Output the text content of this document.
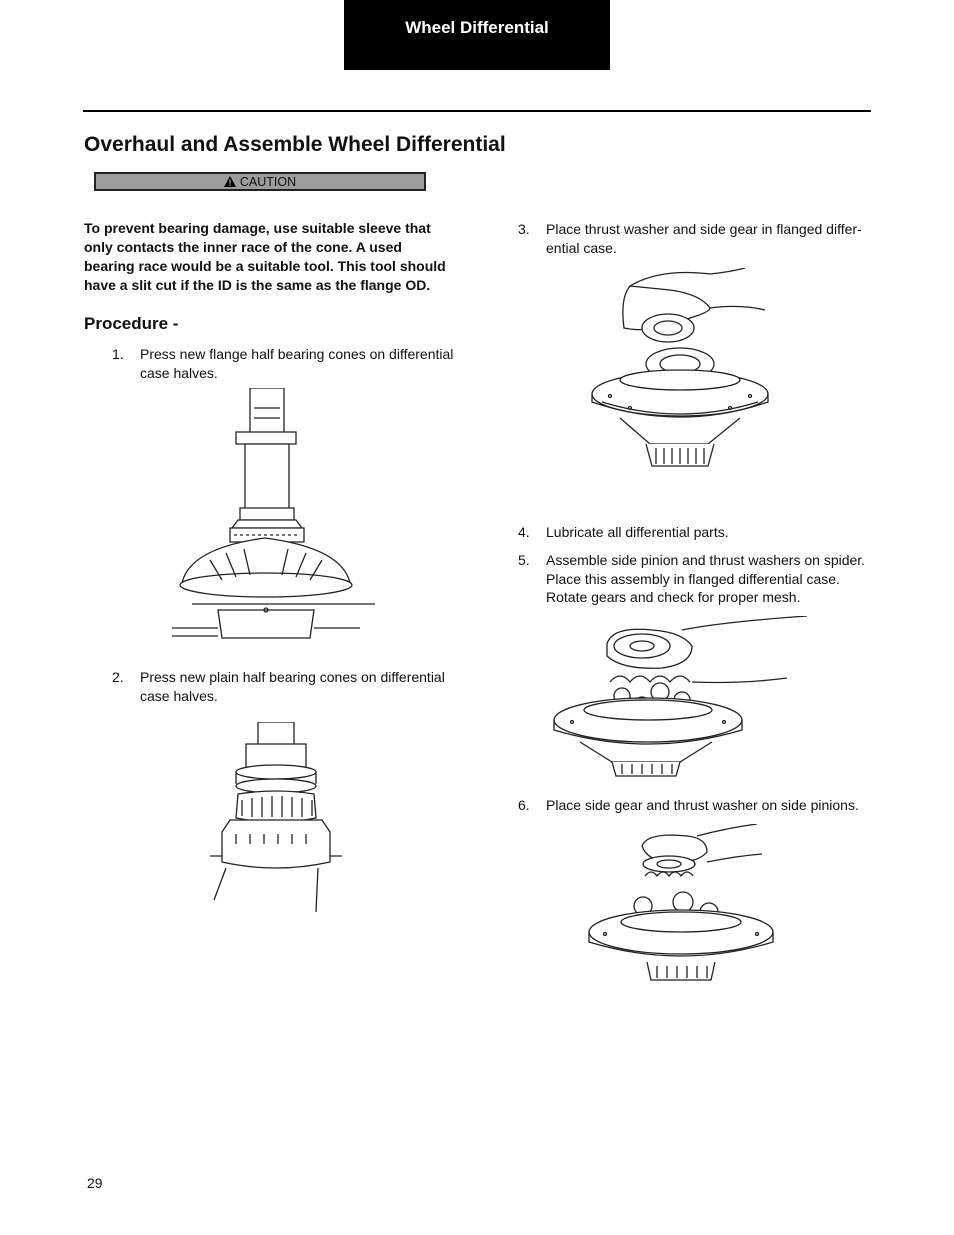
Wheel Differential
Overhaul and Assemble Wheel Differential
CAUTION

To prevent bearing damage, use suitable sleeve that only contacts the inner race of the cone. A used bearing race would be a suitable tool. This tool should have a slit cut if the ID is the same as the flange OD.

Procedure -
1. Press new flange half bearing cones on differential case halves.
2. Press new plain half bearing cones on differential case halves.
3. Place thrust washer and side gear in flanged differ-ential case.
4. Lubricate all differential parts.
5. Assemble side pinion and thrust washers on spider. Place this assembly in flanged differential case. Rotate gears and check for proper mesh.
6. Place side gear and thrust washer on side pinions.
29
